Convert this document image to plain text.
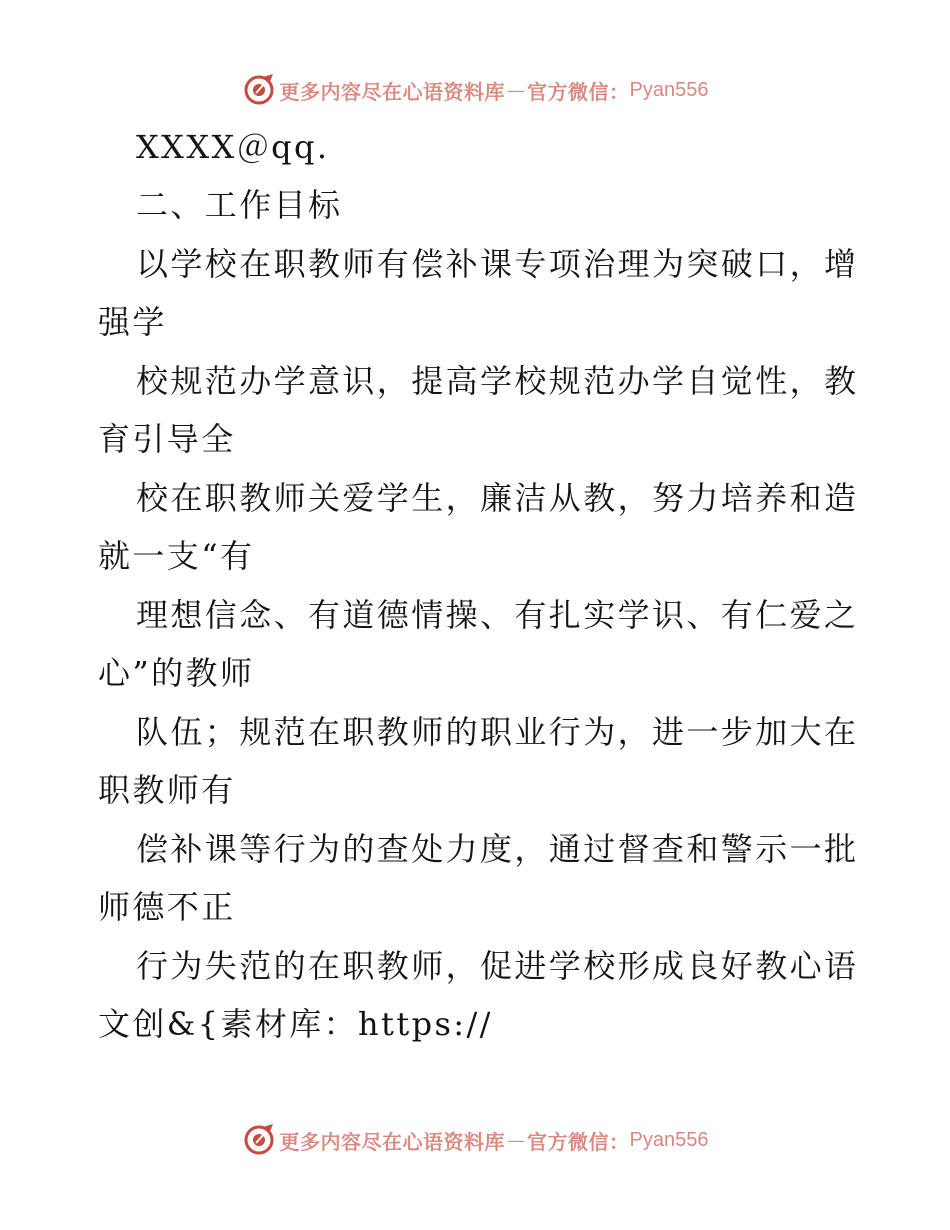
更多内容尽在心语资料库 — 官方微信： Pyan556
XXXX＠qq.
二、工作目标
以学校在职教师有偿补课专项治理为突破口，增
强学
校规范办学意识，提高学校规范办学自觉性，教
育引导全
校在职教师关爱学生，廉洁从教，努力培养和造
就一支“有
理想信念、有道德情操、有扎实学识、有仁爱之
心”的教师
队伍；规范在职教师的职业行为，进一步加大在
职教师有
偿补课等行为的查处力度，通过督查和警示一批
师德不正
行为失范的在职教师，促进学校形成良好教心语
文创&{素材库：https://
更多内容尽在心语资料库 — 官方微信： Pyan556
